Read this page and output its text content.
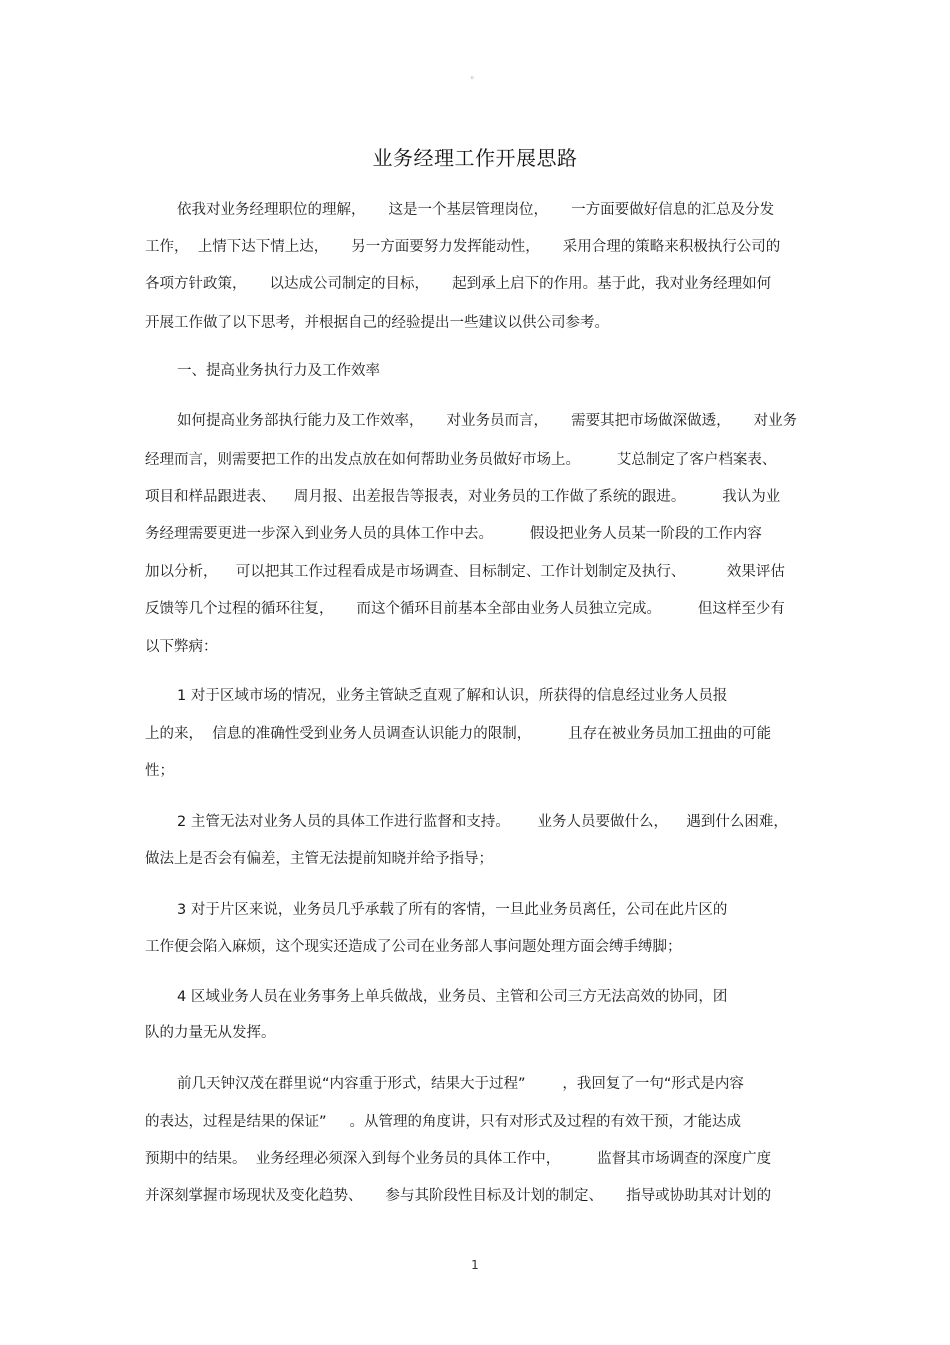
。
业务经理工作开展思路
依我对业务经理职位的理解，     这是一个基层管理岗位，     一方面要做好信息的汇总及分发
工作，  上情下达下情上达，     另一方面要努力发挥能动性，     采用合理的策略来积极执行公司的
各项方针政策，     以达成公司制定的目标，     起到承上启下的作用。基于此，我对业务经理如何
开展工作做了以下思考，并根据自己的经验提出一些建议以供公司参考。
一、提高业务执行力及工作效率
如何提高业务部执行能力及工作效率，     对业务员而言，     需要其把市场做深做透，     对业务
经理而言，则需要把工作的出发点放在如何帮助业务员做好市场上。        艾总制定了客户档案表、
项目和样品跟进表、    周月报、出差报告等报表，对业务员的工作做了系统的跟进。        我认为业
务经理需要更进一步深入到业务人员的具体工作中去。        假设把业务人员某一阶段的工作内容
加以分析，    可以把其工作过程看成是市场调查、目标制定、工作计划制定及执行、         效果评估
反馈等几个过程的循环往复，     而这个循环目前基本全部由业务人员独立完成。        但这样至少有
以下弊病：
1 对于区域市场的情况，业务主管缺乏直观了解和认识，所获得的信息经过业务人员报
上的来，  信息的准确性受到业务人员调查认识能力的限制，        且存在被业务员加工扭曲的可能
性；
2 主管无法对业务人员的具体工作进行监督和支持。      业务人员要做什么，    遇到什么困难，
做法上是否会有偏差，主管无法提前知晓并给予指导；
3 对于片区来说，业务员几乎承载了所有的客情，一旦此业务员离任，公司在此片区的
工作便会陷入麻烦，这个现实还造成了公司在业务部人事问题处理方面会缚手缚脚；
4 区域业务人员在业务事务上单兵做战，业务员、主管和公司三方无法高效的协同，团
队的力量无从发挥。
前几天钟汉茂在群里说“内容重于形式，结果大于过程”        ，我回复了一句“形式是内容
的表达，过程是结果的保证”     。从管理的角度讲，只有对形式及过程的有效干预，才能达成
预期中的结果。  业务经理必须深入到每个业务员的具体工作中，        监督其市场调查的深度广度
并深刻掌握市场现状及变化趋势、     参与其阶段性目标及计划的制定、     指导或协助其对计划的
1
